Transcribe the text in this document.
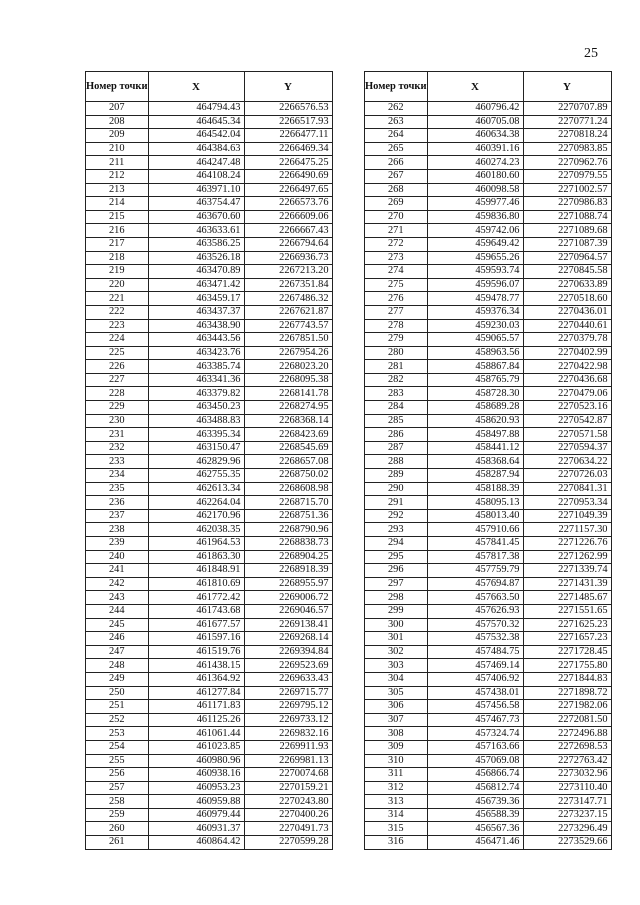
25
Номер точки	X	Y
207	464794.43	2266576.53
208	464645.34	2266517.93
209	464542.04	2266477.11
210	464384.63	2266469.34
211	464247.48	2266475.25
212	464108.24	2266490.69
213	463971.10	2266497.65
214	463754.47	2266573.76
215	463670.60	2266609.06
216	463633.61	2266667.43
217	463586.25	2266794.64
218	463526.18	2266936.73
219	463470.89	2267213.20
220	463471.42	2267351.84
221	463459.17	2267486.32
222	463437.37	2267621.87
223	463438.90	2267743.57
224	463443.56	2267851.50
225	463423.76	2267954.26
226	463385.74	2268023.20
227	463341.36	2268095.38
228	463379.82	2268141.78
229	463450.23	2268274.95
230	463488.83	2268368.14
231	463395.34	2268423.69
232	463150.47	2268545.69
233	462829.96	2268657.08
234	462755.35	2268750.02
235	462613.34	2268608.98
236	462264.04	2268715.70
237	462170.96	2268751.36
238	462038.35	2268790.96
239	461964.53	2268838.73
240	461863.30	2268904.25
241	461848.91	2268918.39
242	461810.69	2268955.97
243	461772.42	2269006.72
244	461743.68	2269046.57
245	461677.57	2269138.41
246	461597.16	2269268.14
247	461519.76	2269394.84
248	461438.15	2269523.69
249	461364.92	2269633.43
250	461277.84	2269715.77
251	461171.83	2269795.12
252	461125.26	2269733.12
253	461061.44	2269832.16
254	461023.85	2269911.93
255	460980.96	2269981.13
256	460938.16	2270074.68
257	460953.23	2270159.21
258	460959.88	2270243.80
259	460979.44	2270400.26
260	460931.37	2270491.73
261	460864.42	2270599.28
Номер точки	X	Y
262	460796.42	2270707.89
263	460705.08	2270771.24
264	460634.38	2270818.24
265	460391.16	2270983.85
266	460274.23	2270962.76
267	460180.60	2270979.55
268	460098.58	2271002.57
269	459977.46	2270986.83
270	459836.80	2271088.74
271	459742.06	2271089.68
272	459649.42	2271087.39
273	459655.26	2270964.57
274	459593.74	2270845.58
275	459596.07	2270633.89
276	459478.77	2270518.60
277	459376.34	2270436.01
278	459230.03	2270440.61
279	459065.57	2270379.78
280	458963.56	2270402.99
281	458867.84	2270422.98
282	458765.79	2270436.68
283	458728.30	2270479.06
284	458689.28	2270523.16
285	458620.93	2270542.87
286	458497.88	2270571.58
287	458441.12	2270594.37
288	458368.64	2270634.22
289	458287.94	2270726.03
290	458188.39	2270841.31
291	458095.13	2270953.34
292	458013.40	2271049.39
293	457910.66	2271157.30
294	457841.45	2271226.76
295	457817.38	2271262.99
296	457759.79	2271339.74
297	457694.87	2271431.39
298	457663.50	2271485.67
299	457626.93	2271551.65
300	457570.32	2271625.23
301	457532.38	2271657.23
302	457484.75	2271728.45
303	457469.14	2271755.80
304	457406.92	2271844.83
305	457438.01	2271898.72
306	457456.58	2271982.06
307	457467.73	2272081.50
308	457324.74	2272496.88
309	457163.66	2272698.53
310	457069.08	2272763.42
311	456866.74	2273032.96
312	456812.74	2273110.40
313	456739.36	2273147.71
314	456588.39	2273237.15
315	456567.36	2273296.49
316	456471.46	2273529.66
